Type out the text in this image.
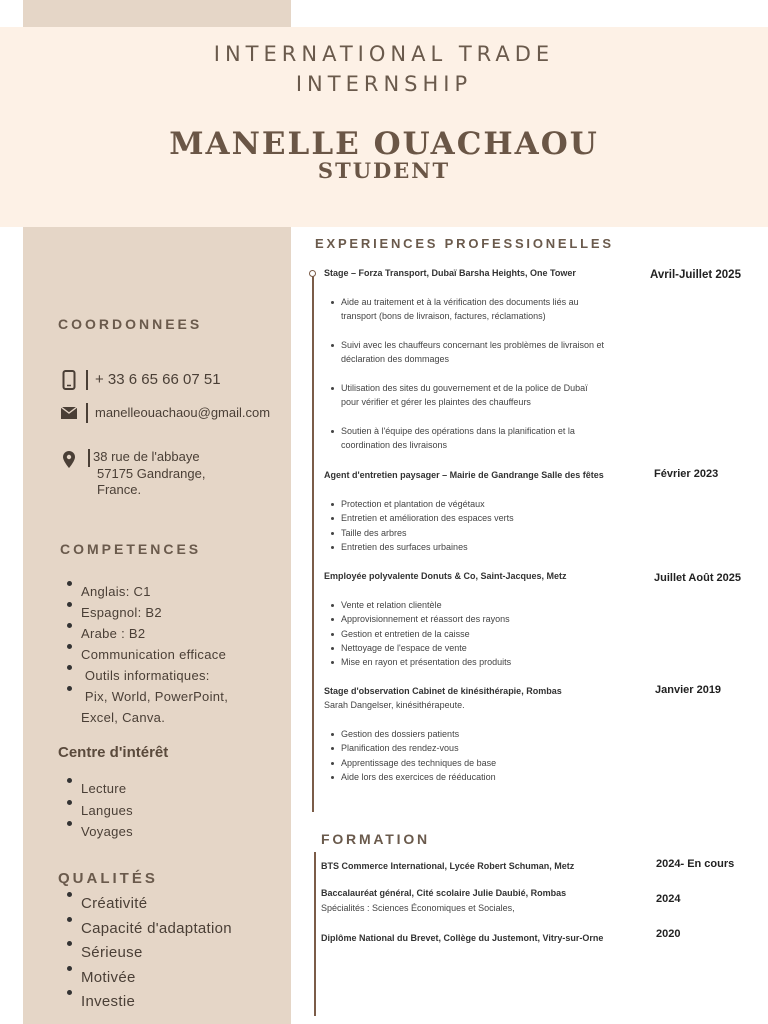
INTERNATIONAL TRADE
INTERNSHIP
MANELLE OUACHAOU
STUDENT
COORDONNEES
+ 33 6 65 66 07 51
manelleouachaou@gmail.com
38 rue de l'abbaye
57175 Gandrange,
France.
COMPETENCES
Anglais: C1
Espagnol: B2
Arabe : B2
Communication efficace
Outils informatiques:
Pix, World, PowerPoint,
Excel, Canva.
Centre d'intérêt
Lecture
Langues
Voyages
QUALITÉS
Créativité
Capacité d'adaptation
Sérieuse
Motivée
Investie
EXPERIENCES PROFESSIONELLES
Stage – Forza Transport, Dubaï Barsha Heights, One Tower	Avril-Juillet 2025
Aide au traitement et à la vérification des documents liés au
transport (bons de livraison, factures, réclamations)
Suivi avec les chauffeurs concernant les problèmes de livraison et
déclaration des dommages
Utilisation des sites du gouvernement et de la police de Dubaï
pour vérifier et gérer les plaintes des chauffeurs
Soutien à l'équipe des opérations dans la planification et la
coordination des livraisons
Agent d'entretien paysager – Mairie de Gandrange Salle des fêtes	Février 2023
Protection et plantation de végétaux
Entretien et amélioration des espaces verts
Taille des arbres
Entretien des surfaces urbaines
Employée polyvalente Donuts & Co, Saint-Jacques, Metz	Juillet Août 2025
Vente et relation clientèle
Approvisionnement et réassort des rayons
Gestion et entretien de la caisse
Nettoyage de l'espace de vente
Mise en rayon et présentation des produits
Stage d'observation Cabinet de kinésithérapie, Rombas
Sarah Dangelser, kinésithérapeute.
Janvier 2019
Gestion des dossiers patients
Planification des rendez-vous
Apprentissage des techniques de base
Aide lors des exercices de rééducation
FORMATION
BTS Commerce International, Lycée Robert Schuman, Metz	2024- En cours
Baccalauréat général, Cité scolaire Julie Daubié, Rombas
Spécialités : Sciences Économiques et Sociales,
2024
Diplôme National du Brevet, Collège du Justemont, Vitry-sur-Orne	2020
